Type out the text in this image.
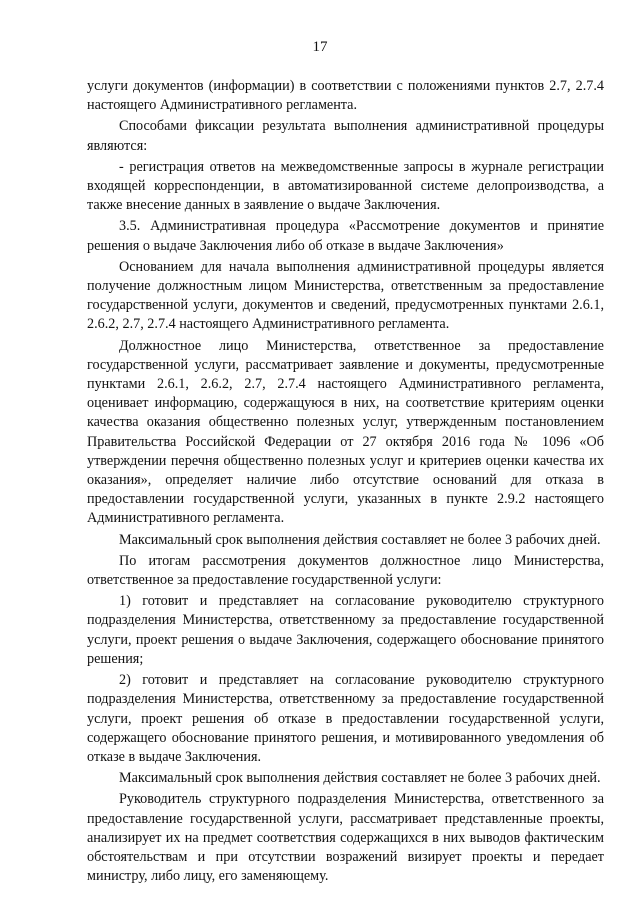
17

услуги документов (информации) в соответствии с положениями пунктов 2.7, 2.7.4 настоящего Административного регламента.

Способами фиксации результата выполнения административной процедуры являются:

- регистрация ответов на межведомственные запросы в журнале регистрации входящей корреспонденции, в автоматизированной системе делопроизводства, а также внесение данных в заявление о выдаче Заключения.

3.5. Административная процедура «Рассмотрение документов и принятие решения о выдаче Заключения либо об отказе в выдаче Заключения»

Основанием для начала выполнения административной процедуры является получение должностным лицом Министерства, ответственным за предоставление государственной услуги, документов и сведений, предусмотренных пунктами 2.6.1, 2.6.2, 2.7, 2.7.4 настоящего Административного регламента.

Должностное лицо Министерства, ответственное за предоставление государственной услуги, рассматривает заявление и документы, предусмотренные пунктами 2.6.1, 2.6.2, 2.7, 2.7.4 настоящего Административного регламента, оценивает информацию, содержащуюся в них, на соответствие критериям оценки качества оказания общественно полезных услуг, утвержденным постановлением Правительства Российской Федерации от 27 октября 2016 года № 1096 «Об утверждении перечня общественно полезных услуг и критериев оценки качества их оказания», определяет наличие либо отсутствие оснований для отказа в предоставлении государственной услуги, указанных в пункте 2.9.2 настоящего Административного регламента.

Максимальный срок выполнения действия составляет не более 3 рабочих дней.

По итогам рассмотрения документов должностное лицо Министерства, ответственное за предоставление государственной услуги:

1) готовит и представляет на согласование руководителю структурного подразделения Министерства, ответственному за предоставление государственной услуги, проект решения о выдаче Заключения, содержащего обоснование принятого решения;

2) готовит и представляет на согласование руководителю структурного подразделения Министерства, ответственному за предоставление государственной услуги, проект решения об отказе в предоставлении государственной услуги, содержащего обоснование принятого решения, и мотивированного уведомления об отказе в выдаче Заключения.

Максимальный срок выполнения действия составляет не более 3 рабочих дней.

Руководитель структурного подразделения Министерства, ответственного за предоставление государственной услуги, рассматривает представленные проекты, анализирует их на предмет соответствия содержащихся в них выводов фактическим обстоятельствам и при отсутствии возражений визирует проекты и передает министру, либо лицу, его заменяющему.
